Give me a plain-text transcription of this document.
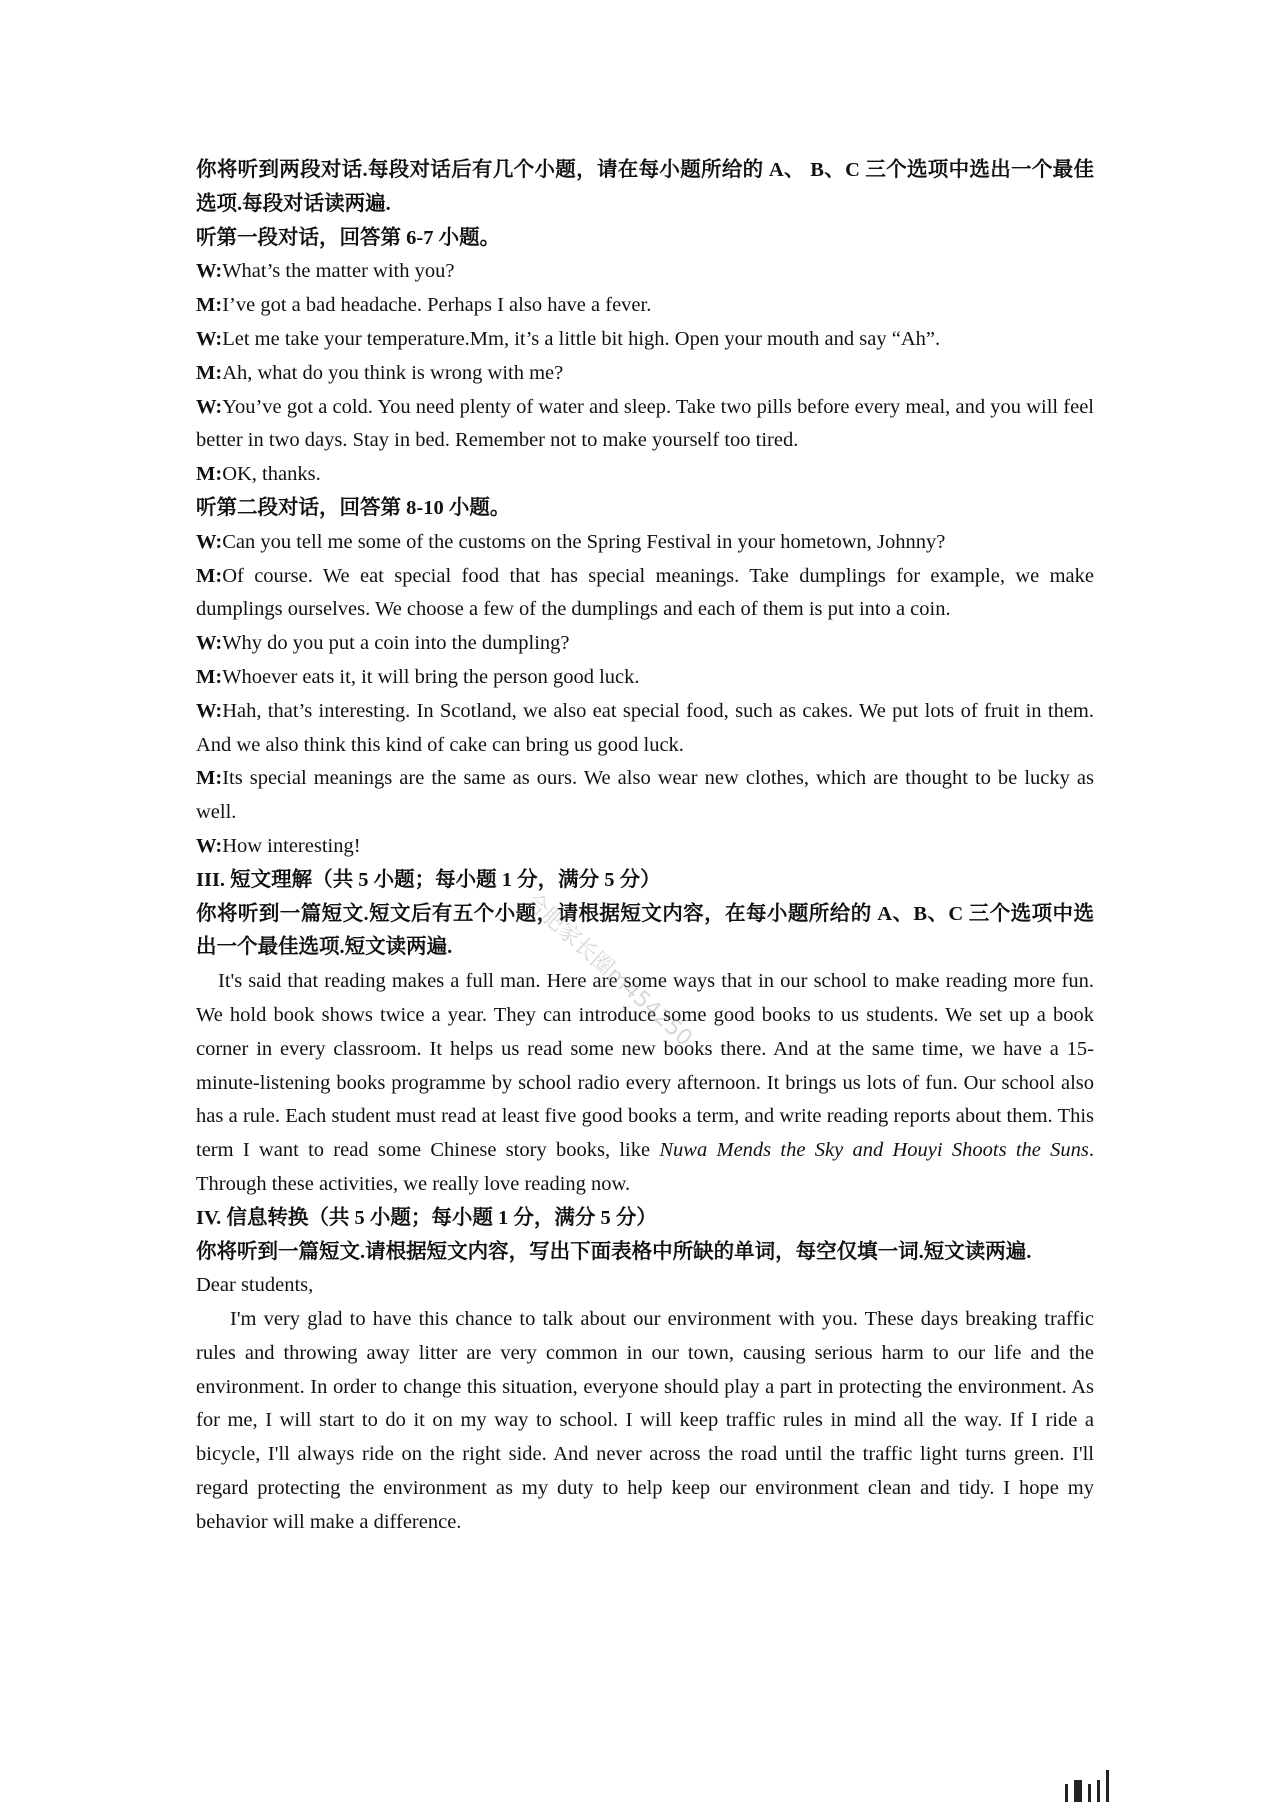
你将听到两段对话.每段对话后有几个小题，请在每小题所给的 A、 B、C 三个选项中选出一个最佳选项.每段对话读两遍.

听第一段对话，回答第 6-7 小题。

W:What’s the matter with you?

M:I’ve got a bad headache. Perhaps I also have a fever.

W:Let me take your temperature.Mm, it’s a little bit high. Open your mouth and say “Ah”.

M:Ah, what do you think is wrong with me?

W:You’ve got a cold. You need plenty of water and sleep. Take two pills before every meal, and you will feel better in two days. Stay in bed. Remember not to make yourself too tired.

M:OK, thanks.

听第二段对话，回答第 8-10 小题。

W:Can you tell me some of the customs on the Spring Festival in your hometown, Johnny?

M:Of course. We eat special food that has special meanings. Take dumplings for example, we make dumplings ourselves. We choose a few of the dumplings and each of them is put into a coin.

W:Why do you put a coin into the dumpling?

M:Whoever eats it, it will bring the person good luck.

W:Hah, that’s interesting. In Scotland, we also eat special food, such as cakes. We put lots of fruit in them. And we also think this kind of cake can bring us good luck.

M:Its special meanings are the same as ours. We also wear new clothes, which are thought to be lucky as well.

W:How interesting!

III. 短文理解（共 5 小题；每小题 1 分，满分 5 分）

你将听到一篇短文.短文后有五个小题，请根据短文内容，在每小题所给的 A、B、C 三个选项中选出一个最佳选项.短文读两遍.

It's said that reading makes a full man. Here are some ways that in our school to make reading more fun. We hold book shows twice a year. They can introduce some good books to us students. We set up a book corner in every classroom. It helps us read some new books there. And at the same time, we have a 15-minute-listening books programme by school radio every afternoon. It brings us lots of fun. Our school also has a rule. Each student must read at least five good books a term, and write reading reports about them. This term I want to read some Chinese story books, like Nuwa Mends the Sky and Houyi Shoots the Suns. Through these activities, we really love reading now.

IV. 信息转换（共 5 小题；每小题 1 分，满分 5 分）

你将听到一篇短文.请根据短文内容，写出下面表格中所缺的单词，每空仅填一词.短文读两遍.

Dear students,

I'm very glad to have this chance to talk about our environment with you. These days breaking traffic rules and throwing away litter are very common in our town, causing serious harm to our life and the environment. In order to change this situation, everyone should play a part in protecting the environment. As for me, I will start to do it on my way to school. I will keep traffic rules in mind all the way. If I ride a bicycle, I'll always ride on the right side. And never across the road until the traffic light turns green. I'll regard protecting the environment as my duty to help keep our environment clean and tidy. I hope my behavior will make a difference.

合肥家长圈m454250
